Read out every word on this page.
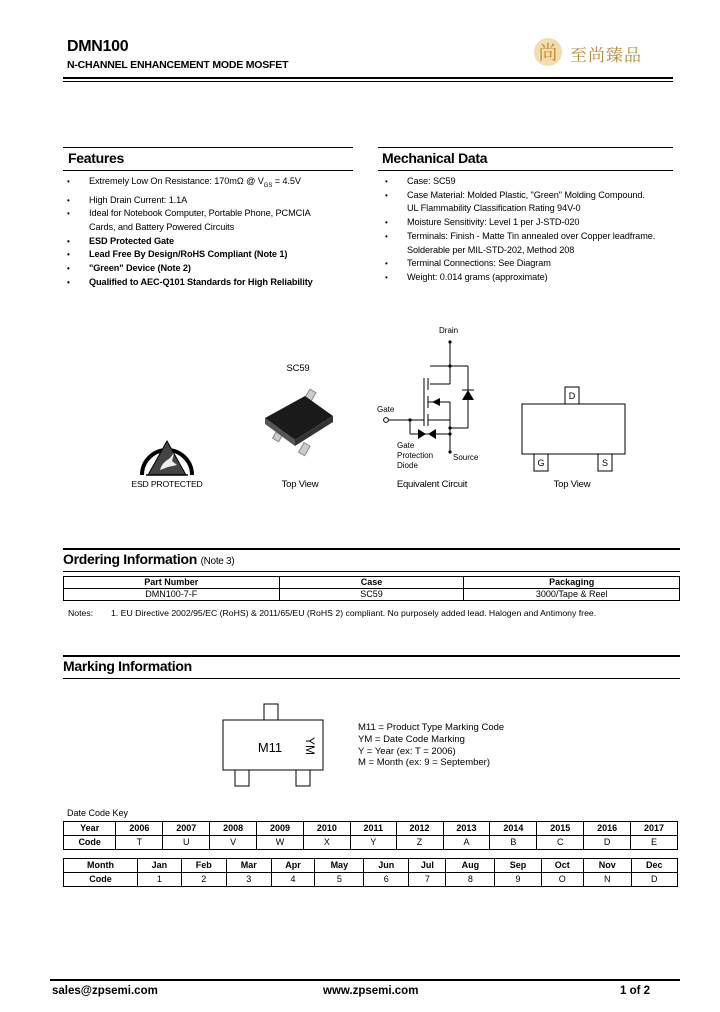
DMN100
N-CHANNEL ENHANCEMENT MODE MOSFET
尚 至尚臻品
Features
• Extremely Low On Resistance: 170mΩ @ $V_{GS} = 4.5V$
• High Drain Current: 1.1A
• Ideal for Notebook Computer, Portable Phone, PCMCIA
Cards, and Battery Powered Circuits
• ESD Protected Gate
• Lead Free By Design/RoHS Compliant (Note 1)
• "Green" Device (Note 2)
• Qualified to AEC-Q101 Standards for High Reliability
Mechanical Data
• Case: SC59
• Case Material: Molded Plastic, "Green" Molding Compound.
UL Flammability Classification Rating 94V-0
• Moisture Sensitivity: Level 1 per J-STD-020
• Terminals: Finish - Matte Tin annealed over Copper leadframe.
Solderable per MIL-STD-202, Method 208
• Terminal Connections: See Diagram
• Weight: 0.014 grams (approximate)
ESD PROTECTED
SC59
Top View
Drain
Gate
Source
Gate
Protection
Diode
Equivalent Circuit
D
G	S
Top View
Ordering Information (Note 3)
Part Number	Case	Packaging
DMN100-7-F	SC59	3000/Tape & Reel
Notes: 1. EU Directive 2002/95/EC (RoHS) & 2011/65/EU (RoHS 2) compliant. No purposely added lead. Halogen and Antimony free.
Marking Information
M11 YM
M11 = Product Type Marking Code
YM = Date Code Marking
Y = Year (ex: T = 2006)
M = Month (ex: 9 = September)
Date Code Key
Year	2006	2007	2008	2009	2010	2011	2012	2013	2014	2015	2016	2017
Code	T	U	V	W	X	Y	Z	A	B	C	D	E
Month	Jan	Feb	Mar	Apr	May	Jun	Jul	Aug	Sep	Oct	Nov	Dec
Code	1	2	3	4	5	6	7	8	9	O	N	D
sales@zpsemi.com	www.zpsemi.com	1 of 2
